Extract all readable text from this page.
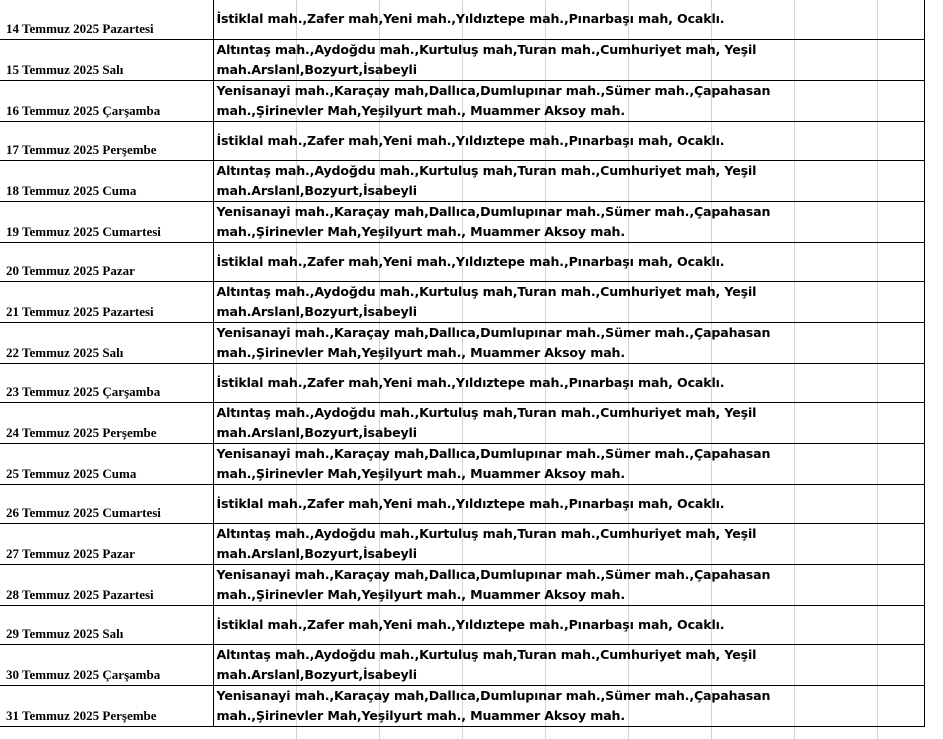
14 Temmuz 2025 Pazartesi	İstiklal mah.,Zafer mah,Yeni mah.,Yıldıztepe mah.,Pınarbaşı mah, Ocaklı.

15 Temmuz 2025 Salı	Altıntaş mah.,Aydoğdu mah.,Kurtuluş mah,Turan mah.,Cumhuriyet mah, Yeşil mah.Arslanl,Bozyurt,İsabeyli

16 Temmuz 2025 Çarşamba	Yenisanayi mah.,Karaçay mah,Dallıca,Dumlupınar mah.,Sümer mah.,Çapahasan mah.,Şirinevler Mah,Yeşilyurt mah., Muammer Aksoy mah.

17 Temmuz 2025 Perşembe	İstiklal mah.,Zafer mah,Yeni mah.,Yıldıztepe mah.,Pınarbaşı mah, Ocaklı.

18 Temmuz 2025 Cuma	Altıntaş mah.,Aydoğdu mah.,Kurtuluş mah,Turan mah.,Cumhuriyet mah, Yeşil mah.Arslanl,Bozyurt,İsabeyli

19 Temmuz 2025 Cumartesi	Yenisanayi mah.,Karaçay mah,Dallıca,Dumlupınar mah.,Sümer mah.,Çapahasan mah.,Şirinevler Mah,Yeşilyurt mah., Muammer Aksoy mah.

20 Temmuz 2025 Pazar	İstiklal mah.,Zafer mah,Yeni mah.,Yıldıztepe mah.,Pınarbaşı mah, Ocaklı.

21 Temmuz 2025 Pazartesi	Altıntaş mah.,Aydoğdu mah.,Kurtuluş mah,Turan mah.,Cumhuriyet mah, Yeşil mah.Arslanl,Bozyurt,İsabeyli

22 Temmuz 2025 Salı	Yenisanayi mah.,Karaçay mah,Dallıca,Dumlupınar mah.,Sümer mah.,Çapahasan mah.,Şirinevler Mah,Yeşilyurt mah., Muammer Aksoy mah.

23 Temmuz 2025 Çarşamba	İstiklal mah.,Zafer mah,Yeni mah.,Yıldıztepe mah.,Pınarbaşı mah, Ocaklı.

24 Temmuz 2025 Perşembe	Altıntaş mah.,Aydoğdu mah.,Kurtuluş mah,Turan mah.,Cumhuriyet mah, Yeşil mah.Arslanl,Bozyurt,İsabeyli

25 Temmuz 2025 Cuma	Yenisanayi mah.,Karaçay mah,Dallıca,Dumlupınar mah.,Sümer mah.,Çapahasan mah.,Şirinevler Mah,Yeşilyurt mah., Muammer Aksoy mah.

26 Temmuz 2025 Cumartesi	İstiklal mah.,Zafer mah,Yeni mah.,Yıldıztepe mah.,Pınarbaşı mah, Ocaklı.

27 Temmuz 2025 Pazar	Altıntaş mah.,Aydoğdu mah.,Kurtuluş mah,Turan mah.,Cumhuriyet mah, Yeşil mah.Arslanl,Bozyurt,İsabeyli

28 Temmuz 2025 Pazartesi	Yenisanayi mah.,Karaçay mah,Dallıca,Dumlupınar mah.,Sümer mah.,Çapahasan mah.,Şirinevler Mah,Yeşilyurt mah., Muammer Aksoy mah.

29 Temmuz 2025 Salı	İstiklal mah.,Zafer mah,Yeni mah.,Yıldıztepe mah.,Pınarbaşı mah, Ocaklı.

30 Temmuz 2025 Çarşamba	Altıntaş mah.,Aydoğdu mah.,Kurtuluş mah,Turan mah.,Cumhuriyet mah, Yeşil mah.Arslanl,Bozyurt,İsabeyli

31 Temmuz 2025 Perşembe	Yenisanayi mah.,Karaçay mah,Dallıca,Dumlupınar mah.,Sümer mah.,Çapahasan mah.,Şirinevler Mah,Yeşilyurt mah., Muammer Aksoy mah.
